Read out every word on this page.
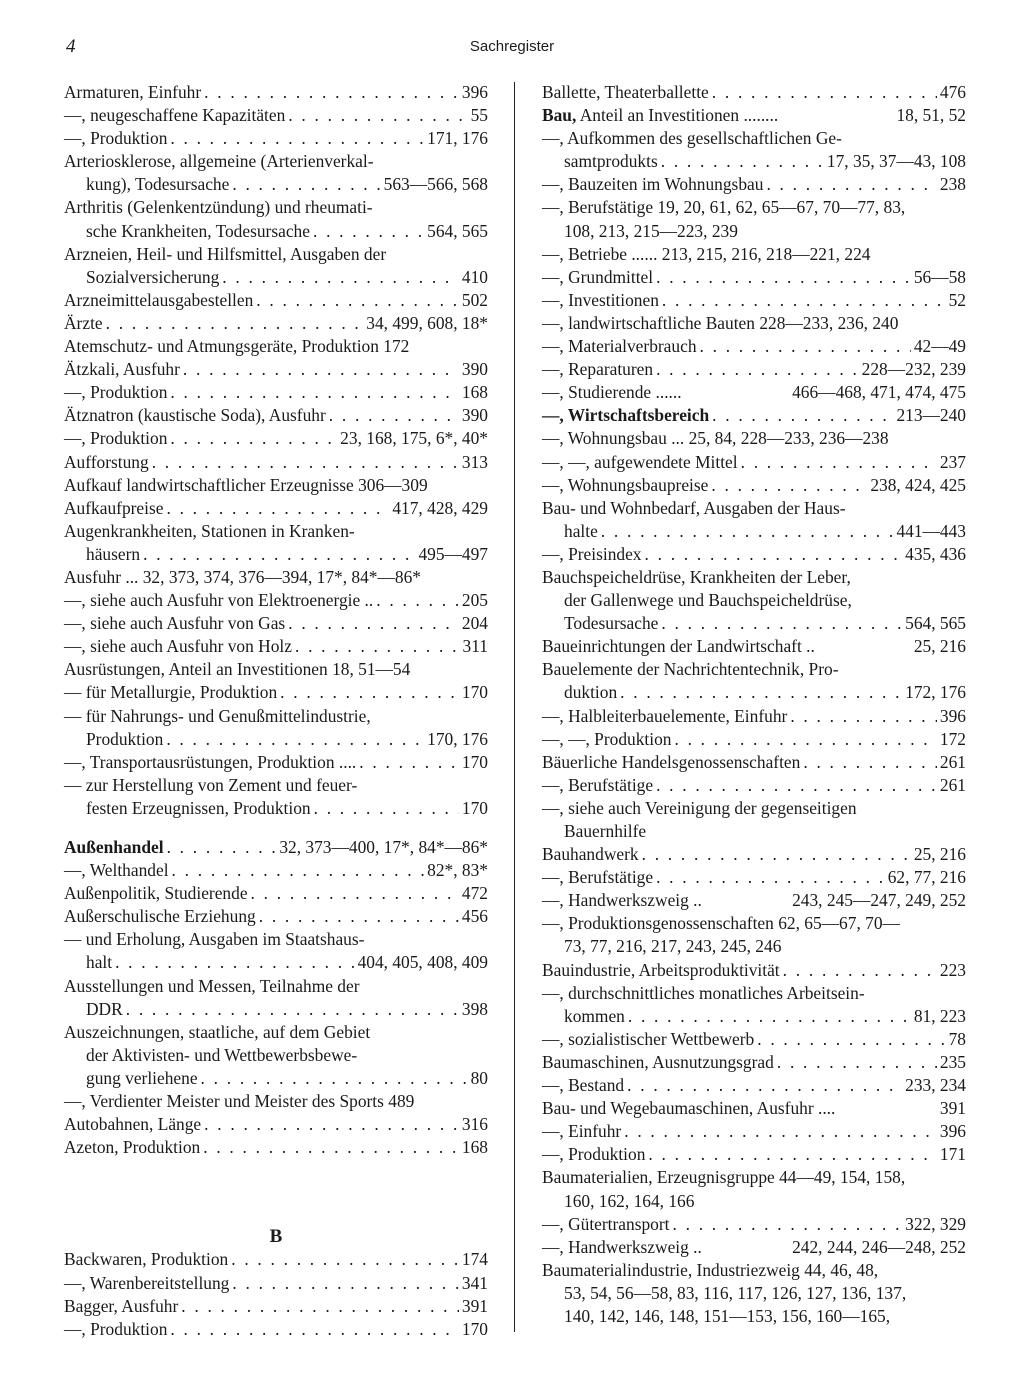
4	Sachregister
Armaturen, Einfuhr . . .	396
—, neugeschaffene Kapazitäten . . .	55
—, Produktion . . .	171, 176
Arteriosklerose, allgemeine (Arterienverkal-
kung), Todesursache . . .	563—566, 568
Arthritis (Gelenkentzündung) und rheumati-
sche Krankheiten, Todesursache . . .	564, 565
Arzneien, Heil- und Hilfsmittel, Ausgaben der
Sozialversicherung . . .	410
Arzneimittelausgabestellen . . .	502
Ärzte . . .	34, 499, 608, 18*
Atemschutz- und Atmungsgeräte, Produktion 172
Ätzkali, Ausfuhr . . .	390
—, Produktion . . .	168
Ätznatron (kaustische Soda), Ausfuhr . . .	390
—, Produktion . . .	23, 168, 175, 6*, 40*
Aufforstung . . .	313
Aufkauf landwirtschaftlicher Erzeugnisse 306—309
Aufkaufpreise . . .	417, 428, 429
Augenkrankheiten, Stationen in Kranken-
häusern . . .	495—497
Ausfuhr ... 32, 373, 374, 376—394, 17*, 84*—86*
—, siehe auch Ausfuhr von Elektroenergie .. . . .	205
—, siehe auch Ausfuhr von Gas . . .	204
—, siehe auch Ausfuhr von Holz . . .	311
Ausrüstungen, Anteil an Investitionen 18, 51—54
— für Metallurgie, Produktion . . .	170
— für Nahrungs- und Genußmittelindustrie,
Produktion . . .	170, 176
—, Transportausrüstungen, Produktion .... . . .	170
— zur Herstellung von Zement und feuer-
festen Erzeugnissen, Produktion . . .	170
Außenhandel . . .	32, 373—400, 17*, 84*—86*
—, Welthandel . . .	82*, 83*
Außenpolitik, Studierende . . .	472
Außerschulische Erziehung . . .	456
— und Erholung, Ausgaben im Staatshaus-
halt . . .	404, 405, 408, 409
Ausstellungen und Messen, Teilnahme der
DDR . . .	398
Auszeichnungen, staatliche, auf dem Gebiet
der Aktivisten- und Wettbewerbsbewe-
gung verliehene . . .	80
—, Verdienter Meister und Meister des Sports 489
Autobahnen, Länge . . .	316
Azeton, Produktion . . .	168
B
Backwaren, Produktion . . .	174
—, Warenbereitstellung . . .	341
Bagger, Ausfuhr . . .	391
—, Produktion . . .	170
Ballette, Theaterballette . . .	476
Bau, Anteil an Investitionen ........	18, 51, 52
—, Aufkommen des gesellschaftlichen Ge-
samtprodukts . . .	17, 35, 37—43, 108
—, Bauzeiten im Wohnungsbau . . .	238
—, Berufstätige 19, 20, 61, 62, 65—67, 70—77, 83,
108, 213, 215—223, 239
—, Betriebe ...... 213, 215, 216, 218—221, 224
—, Grundmittel . . .	56—58
—, Investitionen . . .	52
—, landwirtschaftliche Bauten 228—233, 236, 240
—, Materialverbrauch . . .	42—49
—, Reparaturen . . .	228—232, 239
—, Studierende ......	466—468, 471, 474, 475
—, Wirtschaftsbereich . . .	213—240
—, Wohnungsbau ... 25, 84, 228—233, 236—238
—, —, aufgewendete Mittel . . .	237
—, Wohnungsbaupreise . . .	238, 424, 425
Bau- und Wohnbedarf, Ausgaben der Haus-
halte . . .	441—443
—, Preisindex . . .	435, 436
Bauchspeicheldrüse, Krankheiten der Leber,
der Gallenwege und Bauchspeicheldrüse,
Todesursache . . .	564, 565
Baueinrichtungen der Landwirtschaft ..	25, 216
Bauelemente der Nachrichtentechnik, Pro-
duktion . . .	172, 176
—, Halbleiterbauelemente, Einfuhr . . .	396
—, —, Produktion . . .	172
Bäuerliche Handelsgenossenschaften . . .	261
—, Berufstätige . . .	261
—, siehe auch Vereinigung der gegenseitigen
Bauernhilfe
Bauhandwerk . . .	25, 216
—, Berufstätige . . .	62, 77, 216
—, Handwerkszweig ..	243, 245—247, 249, 252
—, Produktionsgenossenschaften 62, 65—67, 70—
73, 77, 216, 217, 243, 245, 246
Bauindustrie, Arbeitsproduktivität . . .	223
—, durchschnittliches monatliches Arbeitsein-
kommen . . .	81, 223
—, sozialistischer Wettbewerb . . .	78
Baumaschinen, Ausnutzungsgrad . . .	235
—, Bestand . . .	233, 234
Bau- und Wegebaumaschinen, Ausfuhr ....	391
—, Einfuhr . . .	396
—, Produktion . . .	171
Baumaterialien, Erzeugnisgruppe 44—49, 154, 158,
160, 162, 164, 166
—, Gütertransport . . .	322, 329
—, Handwerkszweig ..	242, 244, 246—248, 252
Baumaterialindustrie, Industriezweig 44, 46, 48,
53, 54, 56—58, 83, 116, 117, 126, 127, 136, 137,
140, 142, 146, 148, 151—153, 156, 160—165,
